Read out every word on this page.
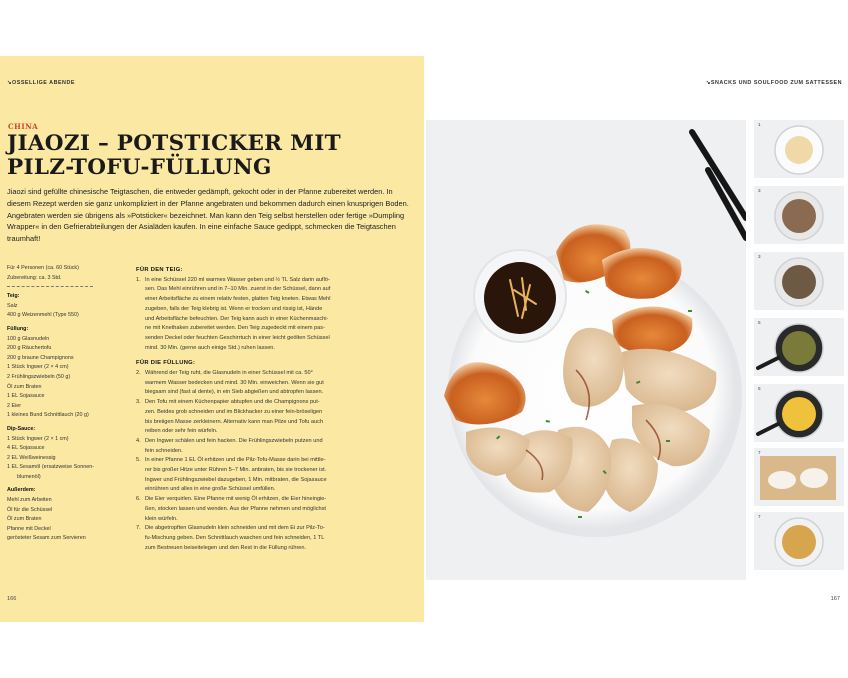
↘OSSELLIGE ABENDE
CHINA
JIAOZI – POTSTICKER MIT
PILZ-TOFU-FÜLLUNG
Jiaozi sind gefüllte chinesische Teigtaschen, die entweder gedämpft, gekocht oder in der Pfanne zubereitet werden. In diesem Rezept werden sie ganz unkompliziert in der Pfanne angebraten und bekommen dadurch einen knusprigen Boden. Angebraten werden sie übrigens als »Potsticker« bezeichnet. Man kann den Teig selbst herstellen oder fertige »Dumpling Wrapper« in den Gefrierabteilungen der Asialäden kaufen. In eine einfache Sauce gedippt, schmecken die Teigtaschen traumhaft!
Für 4 Personen (ca. 60 Stück)
Zubereitung: ca. 3 Std.
Teig:
Salz
400 g Weizenmehl (Type 550)
Füllung:
100 g Glasnudeln
200 g Räuchertofu
200 g braune Champignons
1 Stück Ingwer (2 × 4 cm)
2 Frühlingszwiebeln (50 g)
Öl zum Braten
1 EL Sojasauce
2 Eier
1 kleines Bund Schnittlauch (20 g)
Dip-Sauce:
1 Stück Ingwer (2 × 1 cm)
4 EL Sojasauce
2 EL Weißweinessig
1 EL Sesamöl (ersatzweise Sonnen-
blumenöl)
Außerdem:
Mehl zum Arbeiten
Öl für die Schüssel
Öl zum Braten
Pfanne mit Deckel
gerösteter Sesam zum Servieren
FÜR DEN TEIG:
1. In eine Schüssel 220 ml warmes Wasser geben und ½ TL Salz darin auflö-
sen. Das Mehl einrühren und in 7–10 Min. zuerst in der Schüssel, dann auf
einer Arbeitsfläche zu einem relativ festen, glatten Teig kneten. Etwas Mehl
zugeben, falls der Teig klebrig ist. Wenn er trocken und rissig ist, Hände
und Arbeitsfläche befeuchten. Der Teig kann auch in einer Küchenmaschi-
ne mit Knethaken zubereitet werden. Den Teig zugedeckt mit einem pas-
senden Deckel oder feuchten Geschirrtuch in einer leicht geölten Schüssel
mind. 30 Min. (gerne auch einige Std.) ruhen lassen.
FÜR DIE FÜLLUNG:
2. Während der Teig ruht, die Glasnudeln in einer Schüssel mit ca. 50°
warmem Wasser bedecken und mind. 30 Min. einweichen. Wenn sie gut
biegsam sind (fast al dente), in ein Sieb abgießen und abtropfen lassen.
3. Den Tofu mit einem Küchenpapier abtupfen und die Champignons put-
zen. Beides grob schneiden und im Blickhacker zu einer fein-bröseligen
bis breiigen Masse zerkleinern. Alternativ kann man Pilze und Tofu auch
reiben oder sehr fein würfeln.
4. Den Ingwer schälen und fein hacken. Die Frühlingszwiebeln putzen und
fein schneiden.
5. In einer Pfanne 1 EL Öl erhitzen und die Pilz-Tofu-Masse darin bei mittle-
rer bis großer Hitze unter Rühren 5–7 Min. anbraten, bis sie trockener ist.
Ingwer und Frühlingszwiebel dazugeben, 1 Min. mitbraten, die Sojasauce
einrühren und alles in eine große Schüssel umfüllen.
6. Die Eier verquirlen. Eine Pfanne mit wenig Öl erhitzen, die Eier hineingie-
ßen, stocken lassen und wenden. Aus der Pfanne nehmen und möglichst
klein würfeln.
7. Die abgetropften Glasnudeln klein schneiden und mit dem Ei zur Pilz-To-
fu-Mischung geben. Den Schnittlauch waschen und fein schneiden, 1 TL
zum Bestreuen beiseitelegen und den Rest in die Füllung rühren.
166
↘SNACKS UND SOULFOOD ZUM SATTESSEN
1
3
3
5
6
7
7
167
